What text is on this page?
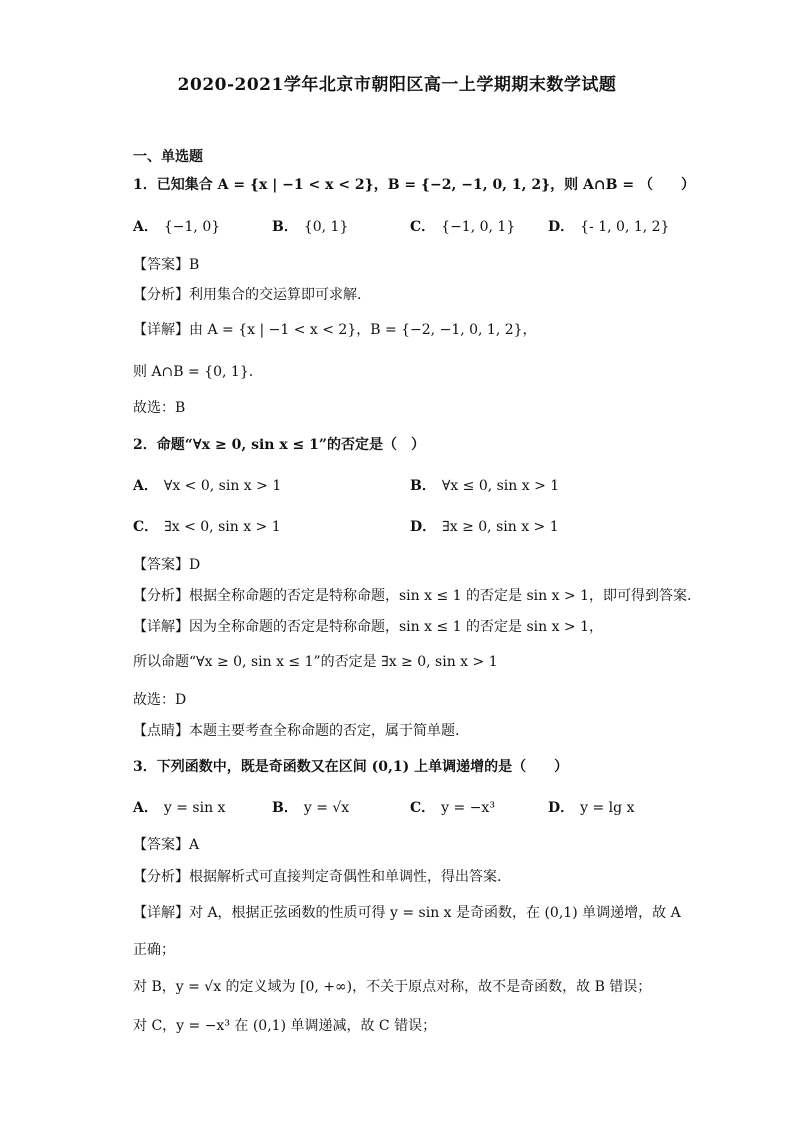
2020-2021学年北京市朝阳区高一上学期期末数学试题
一、单选题
1．已知集合 A = {x | −1 < x < 2}，B = {−2, −1, 0, 1, 2}，则 A∩B = （　　）
A． {−1, 0}	B． {0, 1}	C． {−1, 0, 1} D． {- 1, 0, 1, 2}
【答案】B
【分析】利用集合的交运算即可求解.
【详解】由 A = {x | −1 < x < 2}，B = {−2, −1, 0, 1, 2}，
则 A∩B = {0, 1}.
故选：B
2．命题“∀x ≥ 0, sin x ≤ 1”的否定是（　）
A． ∀x < 0, sin x > 1	B． ∀x ≤ 0, sin x > 1
C． ∃x < 0, sin x > 1	D． ∃x ≥ 0, sin x > 1
【答案】D
【分析】根据全称命题的否定是特称命题，sin x ≤ 1 的否定是 sin x > 1，即可得到答案.
【详解】因为全称命题的否定是特称命题，sin x ≤ 1 的否定是 sin x > 1，
所以命题“∀x ≥ 0, sin x ≤ 1”的否定是 ∃x ≥ 0, sin x > 1
故选：D
【点睛】本题主要考查全称命题的否定，属于简单题.
3．下列函数中，既是奇函数又在区间 (0,1) 上单调递增的是（　　）
A． y = sin x	B． y = √x	C． y = −x³	D． y = lg x
【答案】A
【分析】根据解析式可直接判定奇偶性和单调性，得出答案.
【详解】对 A，根据正弦函数的性质可得 y = sin x 是奇函数，在 (0,1) 单调递增，故 A
正确；
对 B，y = √x 的定义域为 [0, +∞)，不关于原点对称，故不是奇函数，故 B 错误；
对 C，y = −x³ 在 (0,1) 单调递减，故 C 错误；
